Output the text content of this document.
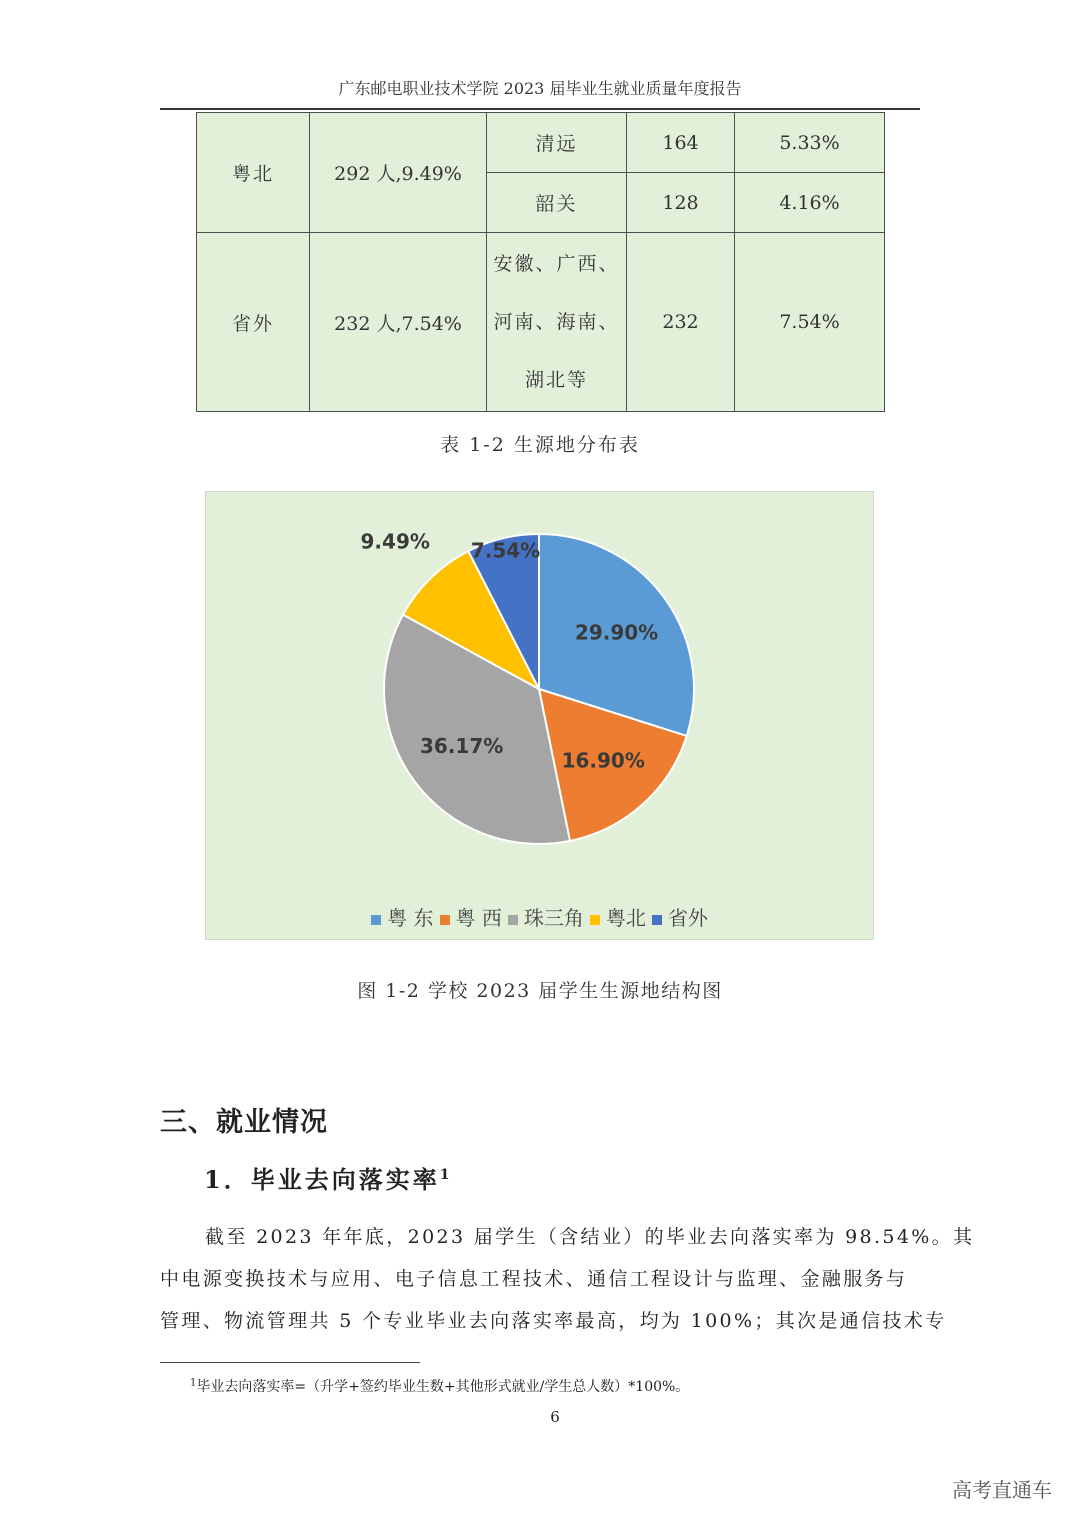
广东邮电职业技术学院 2023 届毕业生就业质量年度报告
粤北	292 人,9.49%	清远	164	5.33%
		韶关	128	4.16%
省外	232 人,7.54%	安徽、广西、
河南、海南、
湖北等	232	7.54%
表 1-2 生源地分布表
29.90%
16.90%
36.17%
9.49% 7.54%
粤 东 粤 西 珠三角 粤北 省外
图 1-2 学校 2023 届学生生源地结构图
三、就业情况
1．毕业去向落实率$^1$
截至 2023 年年底，2023 届学生（含结业）的毕业去向落实率为 98.54%。其
中电源变换技术与应用、电子信息工程技术、通信工程设计与监理、金融服务与
管理、物流管理共 5 个专业毕业去向落实率最高，均为 100%；其次是通信技术专
$^1$毕业去向落实率=（升学+签约毕业生数+其他形式就业/学生总人数）*100%。
6
高考直通车
